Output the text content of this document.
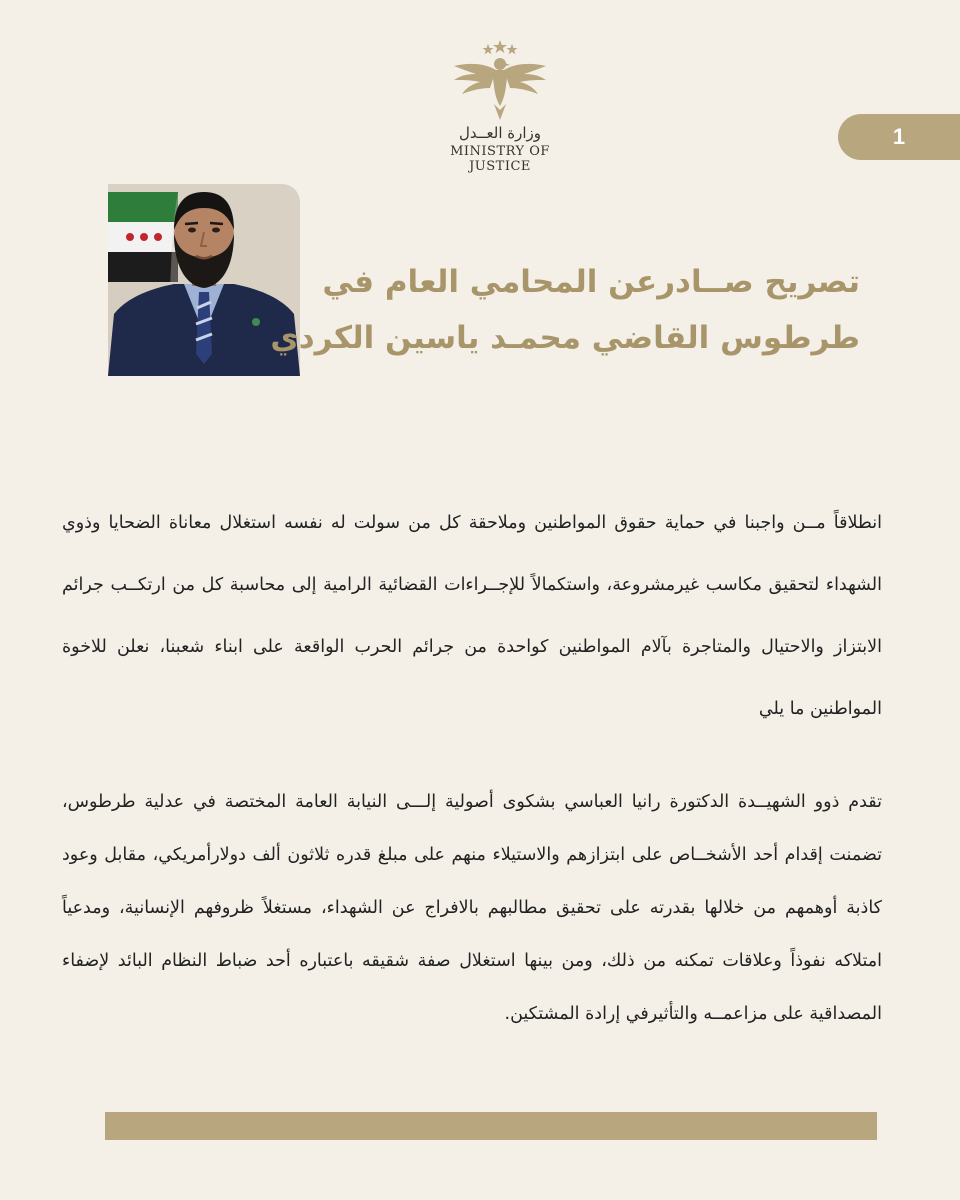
وزارة العــدل
MINISTRY OF JUSTICE
1
تصريح صــادرعن المحامي العام في
طرطوس القاضي محمـد ياسين الكردي
انطلاقاً مــن واجبنا في حماية حقوق المواطنين وملاحقة كل من سولت له نفسه استغلال معاناة الضحايا وذوي الشهداء لتحقيق مكاسب غيرمشروعة، واستكمالاً للإجــراءات القضائية الرامية إلى محاسبة كل من ارتكــب جرائم الابتزاز والاحتيال والمتاجرة بآلام المواطنين كواحدة من جرائم الحرب الواقعة على ابناء شعبنا، نعلن للاخوة المواطنين ما يلي
تقدم ذوو الشهيــدة الدكتورة رانيا العباسي بشكوى أصولية إلـــى النيابة العامة المختصة في عدلية طرطوس، تضمنت إقدام أحد الأشخــاص على ابتزازهم والاستيلاء منهم على مبلغ قدره ثلاثون ألف دولارأمريكي، مقابل وعود كاذبة أوهمهم من خلالها بقدرته على تحقيق مطالبهم بالافراج عن الشهداء، مستغلاً ظروفهم الإنسانية، ومدعياً امتلاكه نفوذاً وعلاقات تمكنه من ذلك، ومن بينها استغلال صفة شقيقه باعتباره أحد ضباط النظام البائد لإضفاء المصداقية على مزاعمــه والتأثيرفي إرادة المشتكين.
